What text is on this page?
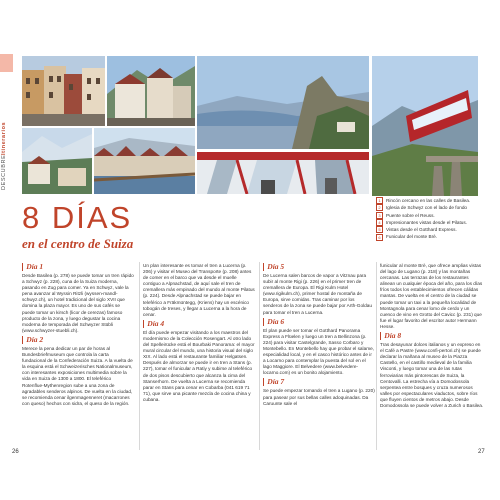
DESCUBREItinerarios
8 DÍAS
en el centro de Suiza
1	Rincón cercano en las calles de Basilea.
2	Iglesia de Schwyz con el lado de fondo
3	Puente sobre el Reuss.
4	Impresionantes vistas desde el Pilatus.
5	Vistas desde el Gotthard Express.
6	Funicular del monte Brè.
Día 1

Desde Basilea (p. 278) se puede tomar un tren rápido a Schwyz (p. 228), cuna de la Suiza moderna, pasando en Zug para comer. Ya en Schwyz, vale la pena avanzar al Wyssin Ritzli (wyssen-mandl-schwyz.ch), un hotel tradicional del siglo XVII que domina la plaza mayor. Es uno de sus cafés se puede tomar un kirsch (licor de cerezas) famoso producto de la zona, y luego degustar la cocina moderna de temporada del Schwyzer Stübli (www.schwyzer-stuebli.ch).

Día 2

Merece la pena dedicar un par de horas al Bundesbriefmuseum que controla la carta fundacional de la Confederación Suiza. A la vuelta de la esquina está el Schweizerisches Nationalmuseum, con interesantes exposiciones multimedia sobre la vida en Suiza de 1300 a 1800. El teleférico Rotenflue-Mythenregion sube a una zona de agradables senderos alpinos. De vuelta en la ciudad, se recomienda cenar ilgenmagenneret (macarrones con queso) hechos con sidra, el queso de la región.

Un plan interesante es tomar el tren a Lucerna (p. 206) y visitar el Museo del Transporte (p. 208) antes de comer en el barco que va desde el muelle contiguo a Alpnachstad, de aquí sale el tren de cremallera más empinado del mundo al monte Pilatus (p. 224). Desde Alpnachstad se puede bajar en teleférico a Fräkmüntegg, (Kriens) hay un escénico tobogán de treses, y llegar a Lucerna a la hora de cenar.

Día 4

El día puede empezar visitando a los maestros del modernismo de la Colección Rosengart. Al otro lado del Spelleirücke está el Bourbaki Panorama: el mayor mural circular del mundo, una historia visual del siglo XIX. Al lado está el restaurante familiar Helgatsen. Después de almorzar se puede ir en tren a Stans (p. 227), tomar el funicular a Ratiy y subirse al teleférico de dos pisos descubierto que alcanza la cima del Stanserhorn. De vuelta a Lucerna se recomienda parar en Stans para cenar en Cobarba (041 619 71 71), que sirve una picante mezcla de cocina china y cubana.

Día 5

De Lucerna salen barcos de vapor a Vitznau para subir al monte Rigi (p. 226) en el primer tren de cremallera de Europa. El Rigi Kulm Hotel (www.rigikulm.ch), primer hostal de montaña de Europa, sirve comidas. Tras caminar por los senderos de la zona se puede bajar por Arth-Goldau para tomar el tren a Lucerna.

Día 6

El plan puede ser tomar el Gotthard Panorama Express a Flüelen y luego un tren a Bellinzona (p. 224) para visitar Castelgrande, Sasso Corbaro y Montebello. En Montebello hay que probar el salame, especialidad local, y en el casco histórico antes de ir a Locarno para contemplar la puesta del sol en el lago Maggiore. El Belvedere (www.belvedere-locarno.com) es un bonito alojamiento.

Día 7

Se puede empezar tomando el tren a Lugano (p. 220) para pasear por sus bellas calles adoquinadas. Da Caruunte sale el

funicular al monte Brè, que ofrece amplias vistas del lago de Lugano (p. 218) y las montañas cercanas. Las terrazas de los restaurantes alinean un cualquier época del año, para los días fríos todos los establecimientos ofrecen cálidas mantas. De vuelta en el centro de la ciudad se puede tomar un taxi a la pequeña localidad de Montagnola para cenar lomo de cerdo y un cuenco de vino en Grotto del Cavicc (p. 231) que fue el lugar favorito del escritor autor Hermann Hesse.

Día 8

Tras desayunar dolces italianos y un expreso en el Café a Pastre (www.confi-pertori.ch) se puede declarar la mañana al museo de la Piazza Castello, en el castillo medieval de la familia Visconti, y luego tomar una de las rutas ferroviarias más pintorescas de Suiza, la Centovalli. La estrecha vía a Domodossola serpentea entre bosques y cruza numerosos valles por espectaculares viaductos, sobre ríos que fluyen cientos de metros abajo. Desde Domodossola se puede volver a Zurich o Basilea.

26	27
